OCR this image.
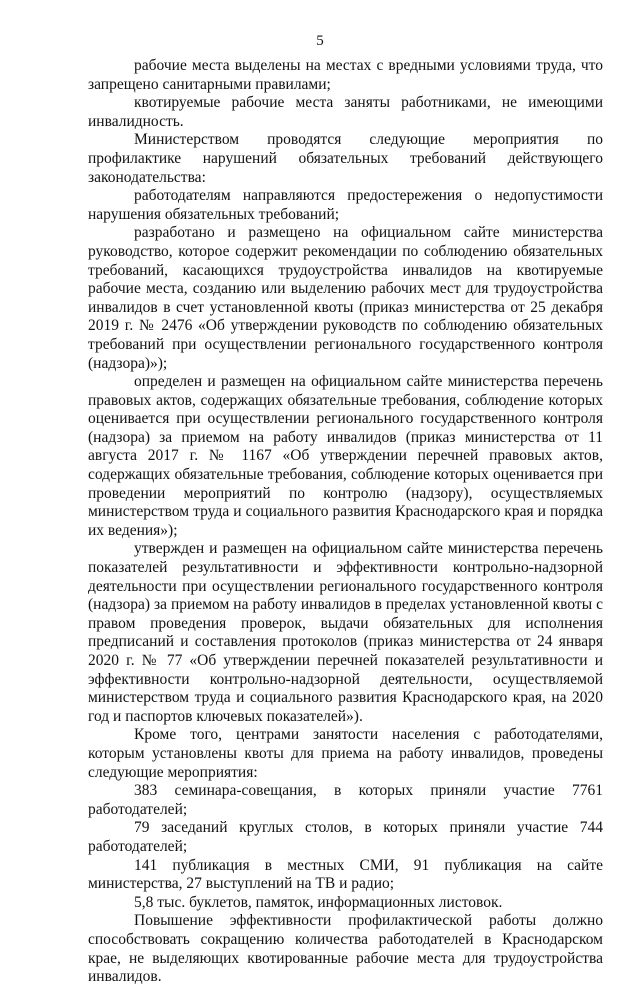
5

рабочие места выделены на местах с вредными условиями труда, что запрещено санитарными правилами;

квотируемые рабочие места заняты работниками, не имеющими инвалидность.

Министерством проводятся следующие мероприятия по профилактике нарушений обязательных требований действующего законодательства:

работодателям направляются предостережения о недопустимости нарушения обязательных требований;

разработано и размещено на официальном сайте министерства руководство, которое содержит рекомендации по соблюдению обязательных требований, касающихся трудоустройства инвалидов на квотируемые рабочие места, созданию или выделению рабочих мест для трудоустройства инвалидов в счет установленной квоты (приказ министерства от 25 декабря 2019 г. № 2476 «Об утверждении руководств по соблюдению обязательных требований при осуществлении регионального государственного контроля (надзора)»);

определен и размещен на официальном сайте министерства перечень правовых актов, содержащих обязательные требования, соблюдение которых оценивается при осуществлении регионального государственного контроля (надзора) за приемом на работу инвалидов (приказ министерства от 11 августа 2017 г. № 1167 «Об утверждении перечней правовых актов, содержащих обязательные требования, соблюдение которых оценивается при проведении мероприятий по контролю (надзору), осуществляемых министерством труда и социального развития Краснодарского края и порядка их ведения»);

утвержден и размещен на официальном сайте министерства перечень показателей результативности и эффективности контрольно-надзорной деятельности при осуществлении регионального государственного контроля (надзора) за приемом на работу инвалидов в пределах установленной квоты с правом проведения проверок, выдачи обязательных для исполнения предписаний и составления протоколов (приказ министерства от 24 января 2020 г. № 77 «Об утверждении перечней показателей результативности и эффективности контрольно-надзорной деятельности, осуществляемой министерством труда и социального развития Краснодарского края, на 2020 год и паспортов ключевых показателей»).

Кроме того, центрами занятости населения с работодателями, которым установлены квоты для приема на работу инвалидов, проведены следующие мероприятия:

383 семинара-совещания, в которых приняли участие 7761 работодателей;

79 заседаний круглых столов, в которых приняли участие 744 работодателей;

141 публикация в местных СМИ, 91 публикация на сайте министерства, 27 выступлений на ТВ и радио;

5,8 тыс. буклетов, памяток, информационных листовок.

Повышение эффективности профилактической работы должно способствовать сокращению количества работодателей в Краснодарском крае, не выделяющих квотированные рабочие места для трудоустройства инвалидов.
